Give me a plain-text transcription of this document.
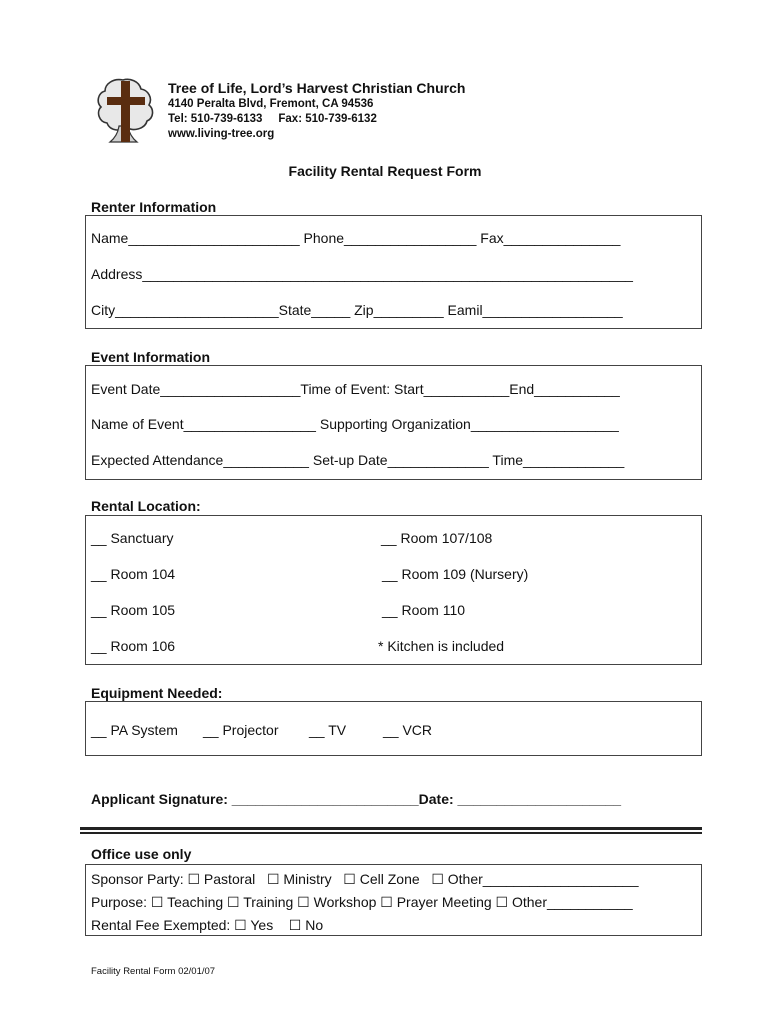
Tree of Life, Lord’s Harvest Christian Church
4140 Peralta Blvd, Fremont, CA 94536
Tel: 510-739-6133     Fax: 510-739-6132
www.living-tree.org
Facility Rental Request Form
Renter Information
Name______________________ Phone_________________ Fax_______________
Address_______________________________________________________________
City_____________________State_____ Zip_________ Eamil__________________
Event Information
Event Date__________________Time of Event: Start___________End___________
Name of Event_________________ Supporting Organization___________________
Expected Attendance___________ Set-up Date_____________ Time_____________
Rental Location:
__ Sanctuary
__ Room 104
__ Room 105
__ Room 106
__ Room 107/108
__ Room 109 (Nursery)
__ Room 110
* Kitchen is included
Equipment Needed:
__ PA System __ Projector __ TV	__ VCR
Applicant Signature: ________________________Date: _____________________
Office use only
Sponsor Party: ☐ Pastoral   ☐ Ministry   ☐ Cell Zone   ☐ Other____________________
Purpose: ☐ Teaching ☐ Training ☐ Workshop ☐ Prayer Meeting ☐ Other___________
Rental Fee Exempted: ☐ Yes    ☐ No
Facility Rental Form 02/01/07
